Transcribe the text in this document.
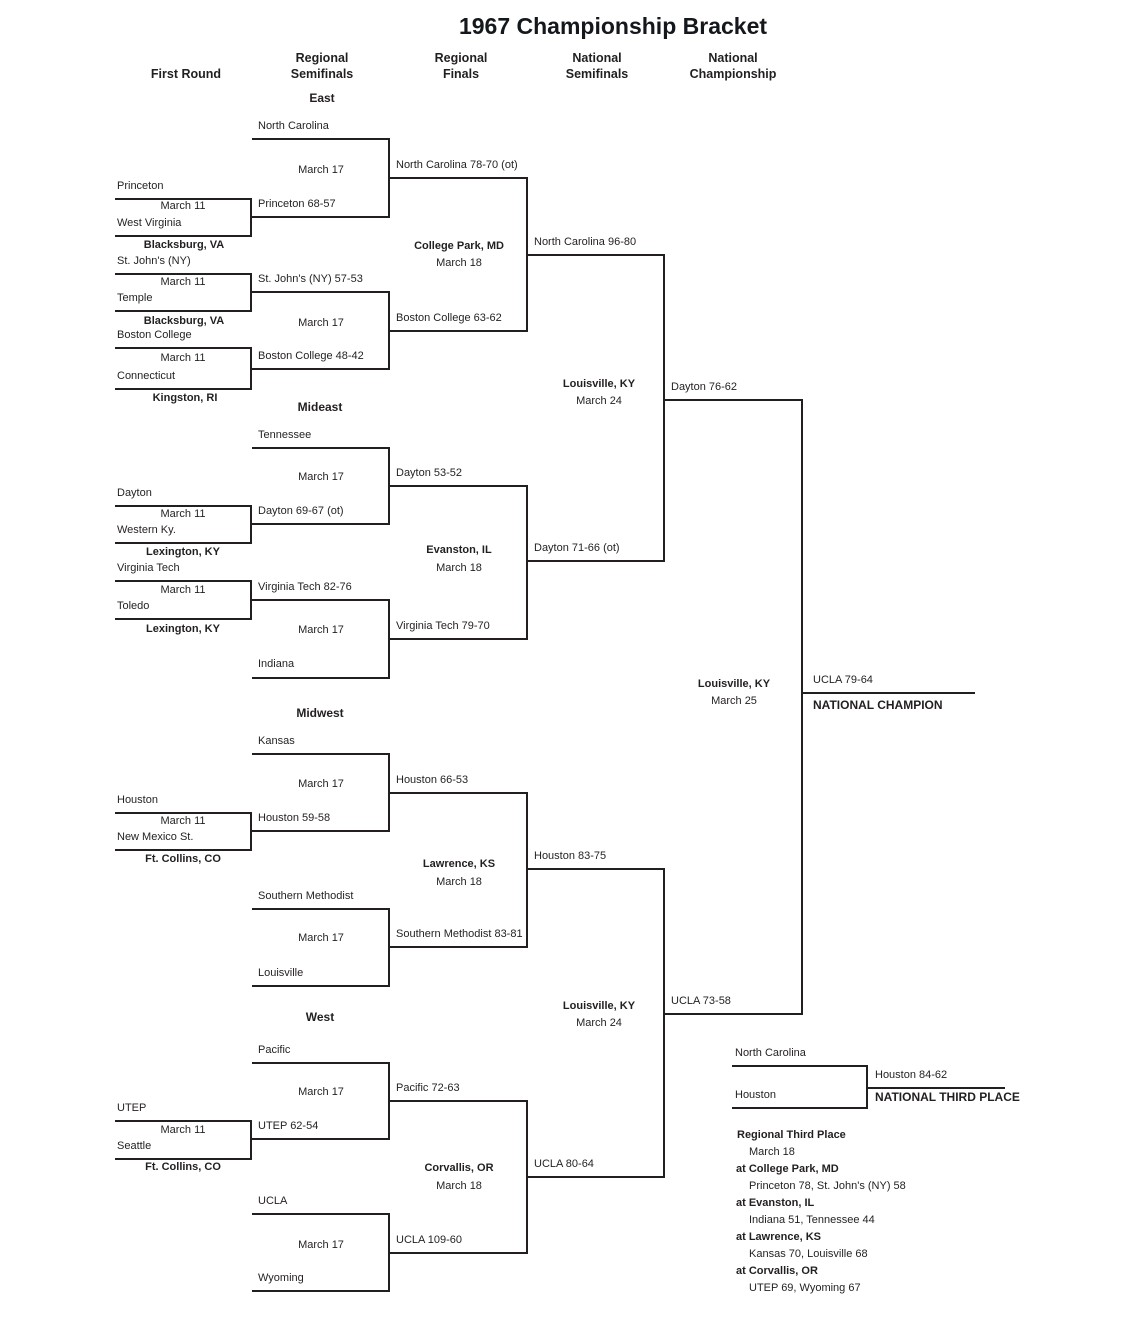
1967 Championship Bracket
First Round
Regional Semifinals
Regional Finals
National Semifinals
National Championship
East
North Carolina
Princeton
March 11
West Virginia
Blacksburg, VA
Princeton 68-57
March 17	North Carolina 78-70 (ot)
St. John's (NY)
March 11
Temple
Blacksburg, VA
St. John's (NY) 57-53
Boston College
March 11
Connecticut
Kingston, RI
Boston College 48-42
March 17	Boston College 63-62
College Park, MD
March 18
North Carolina 96-80
Mideast
Tennessee
Dayton
March 11
Western Ky.
Lexington, KY
Dayton 69-67 (ot)
March 17	Dayton 53-52
Virginia Tech
March 11
Toledo
Lexington, KY
Virginia Tech 82-76
Indiana
March 17	Virginia Tech 79-70
Evanston, IL
March 18
Dayton 71-66 (ot)
Louisville, KY
March 24
Dayton 76-62
Midwest
Kansas
Houston
March 11
New Mexico St.
Ft. Collins, CO
Houston 59-58
March 17	Houston 66-53
Southern Methodist
March 17
Louisville
Southern Methodist 83-81
Lawrence, KS
March 18
Houston 83-75
West
Pacific
UTEP
March 11
Seattle
Ft. Collins, CO
UTEP 62-54
March 17	Pacific 72-63
UCLA
March 17
Wyoming
UCLA 109-60
Corvallis, OR
March 18
UCLA 80-64
Louisville, KY
March 24
UCLA 73-58
Louisville, KY
March 25
UCLA 79-64
NATIONAL CHAMPION
North Carolina
Houston
Houston 84-62
NATIONAL THIRD PLACE
Regional Third Place
March 18
at College Park, MD
Princeton 78, St. John's (NY) 58
at Evanston, IL
Indiana 51, Tennessee 44
at Lawrence, KS
Kansas 70, Louisville 68
at Corvallis, OR
UTEP 69, Wyoming 67
